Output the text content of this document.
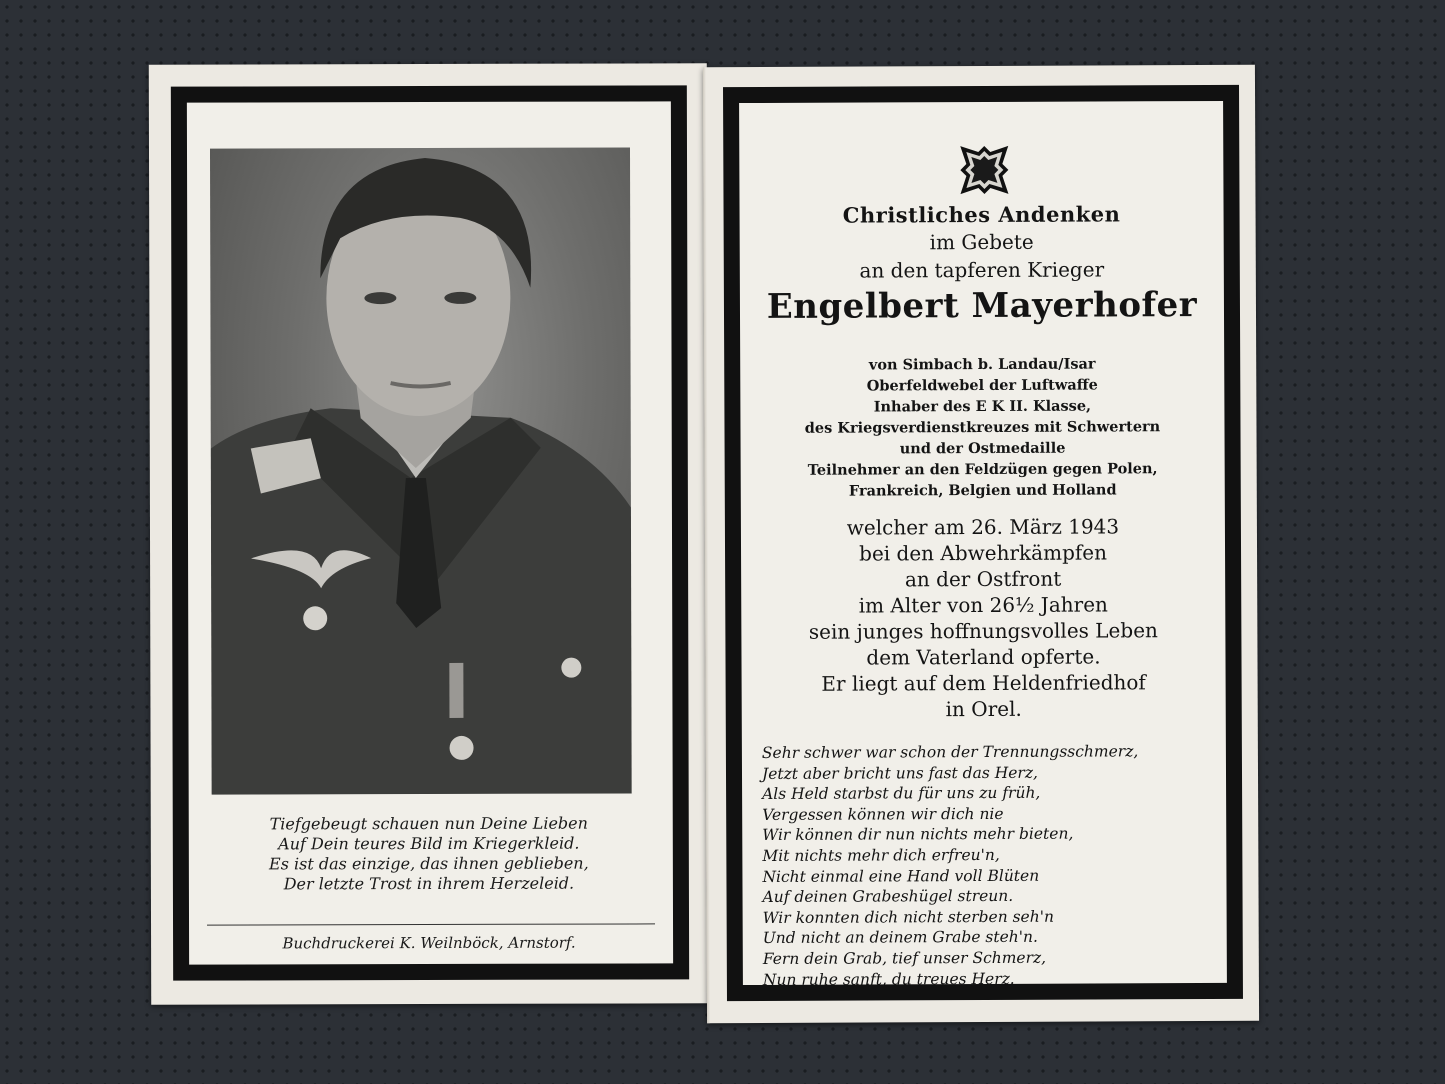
Tiefgebeugt schauen nun Deine Lieben
Auf Dein teures Bild im Kriegerkleid.
Es ist das einzige, das ihnen geblieben,
Der letzte Trost in ihrem Herzeleid.
Buchdruckerei K. Weilnböck, Arnstorf.
Christliches Andenken
im Gebete
an den tapferen Krieger
Engelbert Mayerhofer
von Simbach b. Landau/Isar
Oberfeldwebel der Luftwaffe
Inhaber des E K II. Klasse,
des Kriegsverdienstkreuzes mit Schwertern
und der Ostmedaille
Teilnehmer an den Feldzügen gegen Polen,
Frankreich, Belgien und Holland
welcher am 26. März 1943
bei den Abwehrkämpfen
an der Ostfront
im Alter von 26½ Jahren
sein junges hoffnungsvolles Leben
dem Vaterland opferte.
Er liegt auf dem Heldenfriedhof
in Orel.
Sehr schwer war schon der Trennungsschmerz,
Jetzt aber bricht uns fast das Herz,
Als Held starbst du für uns zu früh,
Vergessen können wir dich nie
Wir können dir nun nichts mehr bieten,
Mit nichts mehr dich erfreu'n,
Nicht einmal eine Hand voll Blüten
Auf deinen Grabeshügel streun.
Wir konnten dich nicht sterben seh'n
Und nicht an deinem Grabe steh'n.
Fern dein Grab, tief unser Schmerz,
Nun ruhe sanft, du treues Herz.
